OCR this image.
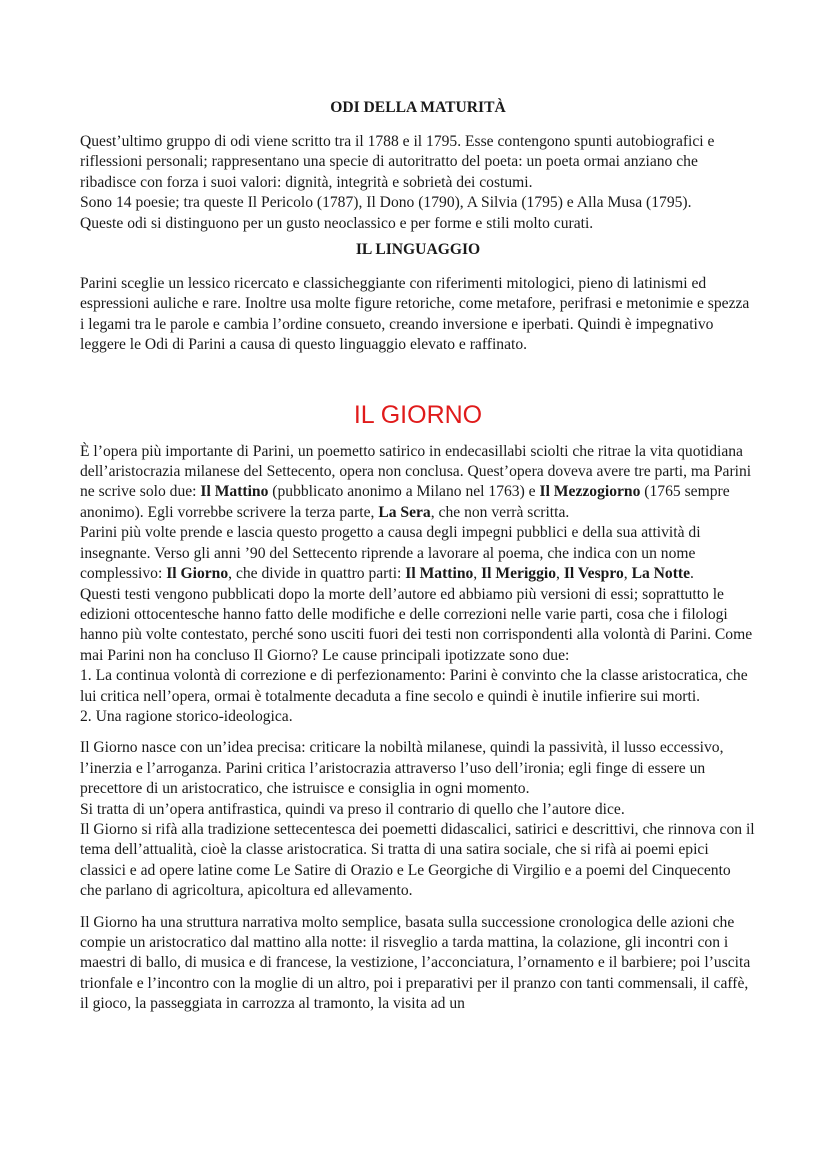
ODI DELLA MATURITÀ

Quest’ultimo gruppo di odi viene scritto tra il 1788 e il 1795. Esse contengono spunti autobiografici e riflessioni personali; rappresentano una specie di autoritratto del poeta: un poeta ormai anziano che ribadisce con forza i suoi valori: dignità, integrità e sobrietà dei costumi.

Sono 14 poesie; tra queste Il Pericolo (1787), Il Dono (1790), A Silvia (1795) e Alla Musa (1795).

Queste odi si distinguono per un gusto neoclassico e per forme e stili molto curati.

IL LINGUAGGIO

Parini sceglie un lessico ricercato e classicheggiante con riferimenti mitologici, pieno di latinismi ed espressioni auliche e rare. Inoltre usa molte figure retoriche, come metafore, perifrasi e metonimie e spezza i legami tra le parole e cambia l’ordine consueto, creando inversione e iperbati. Quindi è impegnativo leggere le Odi di Parini a causa di questo linguaggio elevato e raffinato.

IL GIORNO

È l’opera più importante di Parini, un poemetto satirico in endecasillabi sciolti che ritrae la vita quotidiana dell’aristocrazia milanese del Settecento, opera non conclusa. Quest’opera doveva avere tre parti, ma Parini ne scrive solo due: Il Mattino (pubblicato anonimo a Milano nel 1763) e Il Mezzogiorno (1765 sempre anonimo). Egli vorrebbe scrivere la terza parte, La Sera, che non verrà scritta.

Parini più volte prende e lascia questo progetto a causa degli impegni pubblici e della sua attività di insegnante. Verso gli anni ’90 del Settecento riprende a lavorare al poema, che indica con un nome complessivo: Il Giorno, che divide in quattro parti: Il Mattino, Il Meriggio, Il Vespro, La Notte.

Questi testi vengono pubblicati dopo la morte dell’autore ed abbiamo più versioni di essi; soprattutto le edizioni ottocentesche hanno fatto delle modifiche e delle correzioni nelle varie parti, cosa che i filologi hanno più volte contestato, perché sono usciti fuori dei testi non corrispondenti alla volontà di Parini. Come mai Parini non ha concluso Il Giorno? Le cause principali ipotizzate sono due:

1. La continua volontà di correzione e di perfezionamento: Parini è convinto che la classe aristocratica, che lui critica nell’opera, ormai è totalmente decaduta a fine secolo e quindi è inutile infierire sui morti.

2. Una ragione storico-ideologica.

Il Giorno nasce con un’idea precisa: criticare la nobiltà milanese, quindi la passività, il lusso eccessivo, l’inerzia e l’arroganza. Parini critica l’aristocrazia attraverso l’uso dell’ironia; egli finge di essere un precettore di un aristocratico, che istruisce e consiglia in ogni momento.

Si tratta di un’opera antifrastica, quindi va preso il contrario di quello che l’autore dice.

Il Giorno si rifà alla tradizione settecentesca dei poemetti didascalici, satirici e descrittivi, che rinnova con il tema dell’attualità, cioè la classe aristocratica. Si tratta di una satira sociale, che si rifà ai poemi epici classici e ad opere latine come Le Satire di Orazio e Le Georgiche di Virgilio e a poemi del Cinquecento che parlano di agricoltura, apicoltura ed allevamento.

Il Giorno ha una struttura narrativa molto semplice, basata sulla successione cronologica delle azioni che compie un aristocratico dal mattino alla notte: il risveglio a tarda mattina, la colazione, gli incontri con i maestri di ballo, di musica e di francese, la vestizione, l’acconciatura, l’ornamento e il barbiere; poi l’uscita trionfale e l’incontro con la moglie di un altro, poi i preparativi per il pranzo con tanti commensali, il caffè, il gioco, la passeggiata in carrozza al tramonto, la visita ad un
